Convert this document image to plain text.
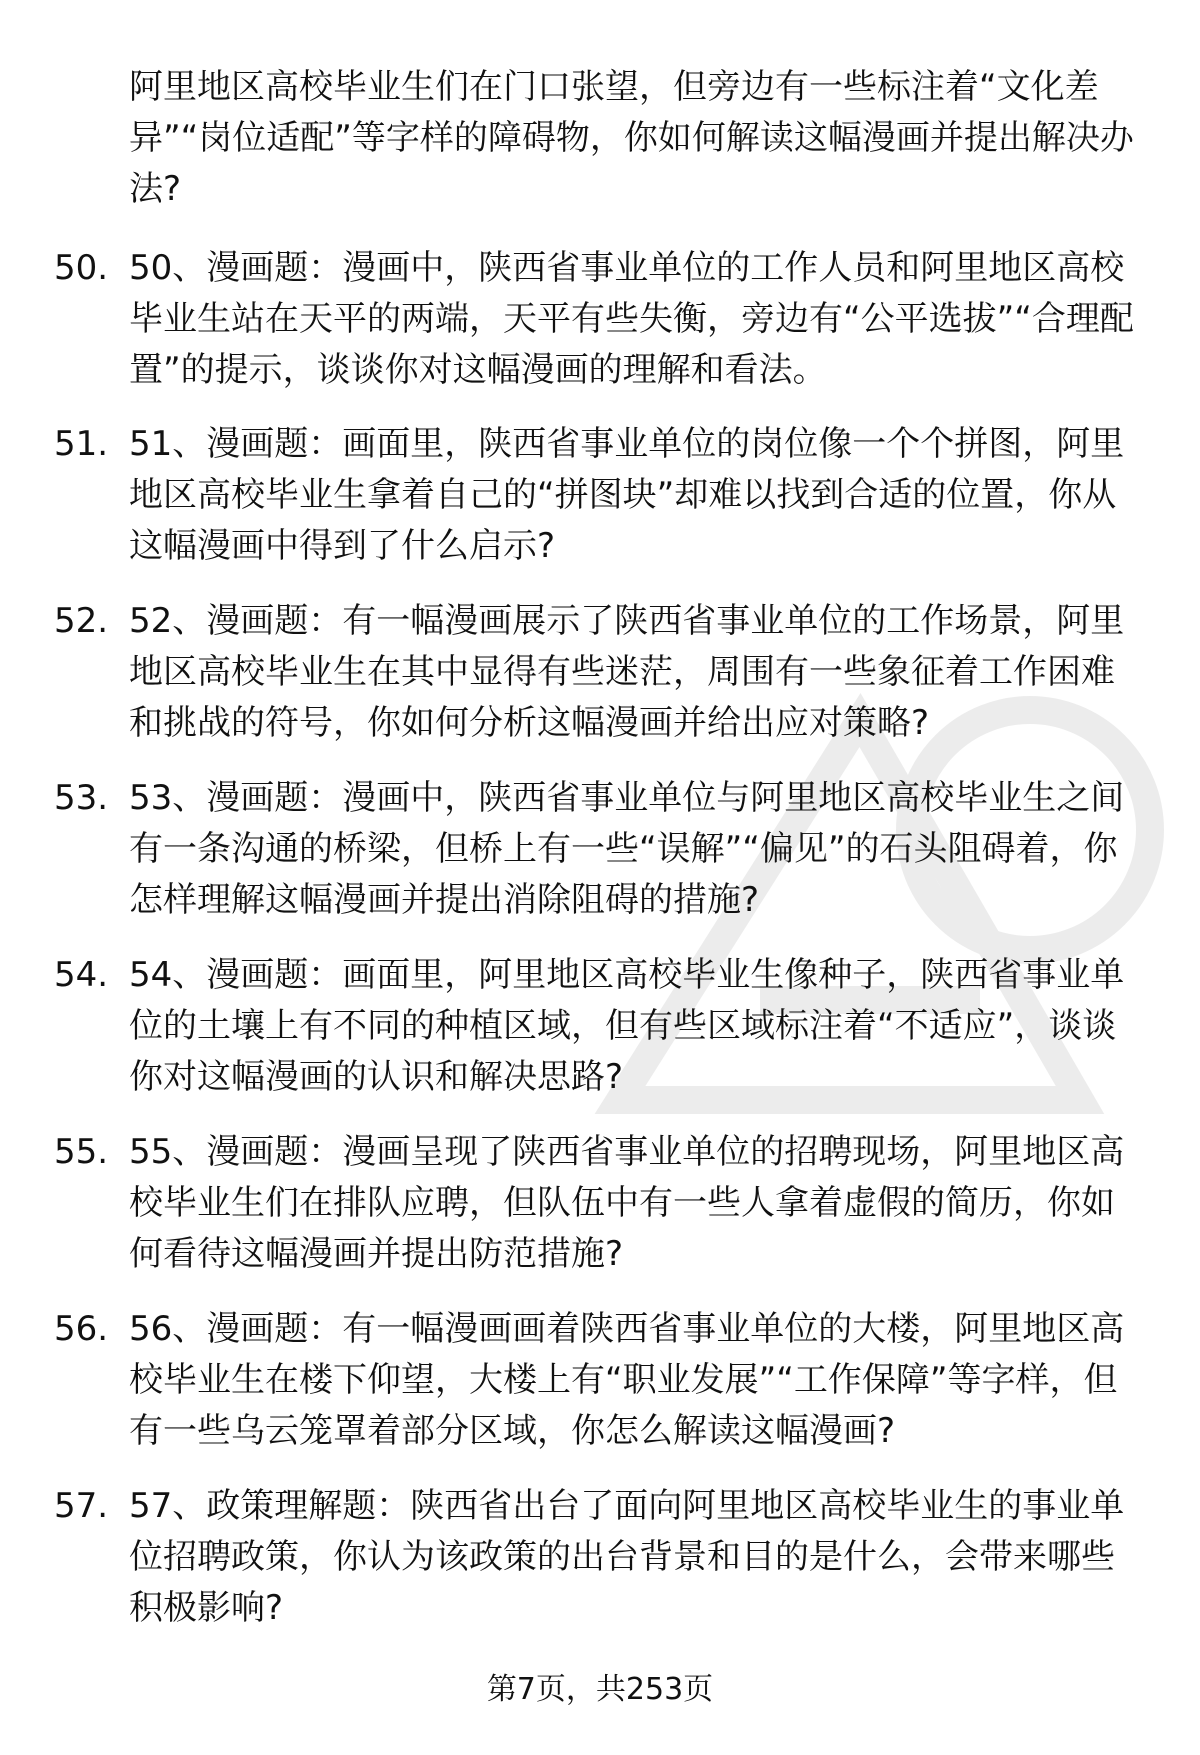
阿里地区高校毕业生们在门口张望，但旁边有一些标注着“文化差异”“岗位适配”等字样的障碍物，你如何解读这幅漫画并提出解决办法?

50. 50、漫画题：漫画中，陕西省事业单位的工作人员和阿里地区高校毕业生站在天平的两端，天平有些失衡，旁边有“公平选拔”“合理配置”的提示，谈谈你对这幅漫画的理解和看法。

51. 51、漫画题：画面里，陕西省事业单位的岗位像一个个拼图，阿里地区高校毕业生拿着自己的“拼图块”却难以找到合适的位置，你从这幅漫画中得到了什么启示?

52. 52、漫画题：有一幅漫画展示了陕西省事业单位的工作场景，阿里地区高校毕业生在其中显得有些迷茫，周围有一些象征着工作困难和挑战的符号，你如何分析这幅漫画并给出应对策略?

53. 53、漫画题：漫画中，陕西省事业单位与阿里地区高校毕业生之间有一条沟通的桥梁，但桥上有一些“误解”“偏见”的石头阻碍着，你怎样理解这幅漫画并提出消除阻碍的措施?

54. 54、漫画题：画面里，阿里地区高校毕业生像种子，陕西省事业单位的土壤上有不同的种植区域，但有些区域标注着“不适应”，谈谈你对这幅漫画的认识和解决思路?

55. 55、漫画题：漫画呈现了陕西省事业单位的招聘现场，阿里地区高校毕业生们在排队应聘，但队伍中有一些人拿着虚假的简历，你如何看待这幅漫画并提出防范措施?

56. 56、漫画题：有一幅漫画画着陕西省事业单位的大楼，阿里地区高校毕业生在楼下仰望，大楼上有“职业发展”“工作保障”等字样，但有一些乌云笼罩着部分区域，你怎么解读这幅漫画?

57. 57、政策理解题：陕西省出台了面向阿里地区高校毕业生的事业单位招聘政策，你认为该政策的出台背景和目的是什么，会带来哪些积极影响?

第7页，共253页
